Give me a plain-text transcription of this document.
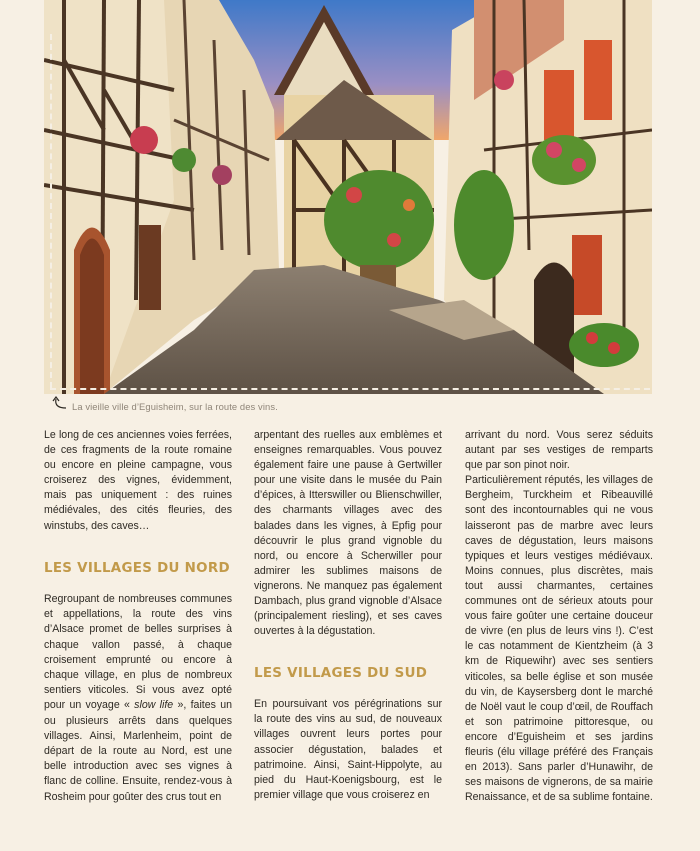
La vieille ville d’Eguisheim, sur la route des vins.

Le long de ces anciennes voies ferrées, de ces fragments de la route romaine ou encore en pleine campagne, vous croiserez des vignes, évidemment, mais pas uniquement : des ruines médiévales, des cités fleuries, des winstubs, des caves…

LES VILLAGES DU NORD

Regroupant de nombreuses communes et appellations, la route des vins d’Alsace promet de belles surprises à chaque vallon passé, à chaque croisement emprunté ou encore à chaque village, en plus de nombreux sentiers viticoles. Si vous avez opté pour un voyage « slow life », faites un ou plusieurs arrêts dans quelques villages. Ainsi, Marlenheim, point de départ de la route au Nord, est une belle introduction avec ses vignes à flanc de colline. Ensuite, rendez-vous à Rosheim pour goûter des crus tout en

arpentant des ruelles aux emblèmes et enseignes remarquables. Vous pouvez également faire une pause à Gertwiller pour une visite dans le musée du Pain d’épices, à Itterswiller ou Blienschwiller, des charmants villages avec des balades dans les vignes, à Epfig pour découvrir le plus grand vignoble du nord, ou encore à Scherwiller pour admirer les sublimes maisons de vignerons. Ne manquez pas également Dambach, plus grand vignoble d’Alsace (principalement riesling), et ses caves ouvertes à la dégustation.

LES VILLAGES DU SUD

En poursuivant vos pérégrinations sur la route des vins au sud, de nouveaux villages ouvrent leurs portes pour associer dégustation, balades et patrimoine. Ainsi, Saint-Hippolyte, au pied du Haut-Koenigsbourg, est le premier village que vous croiserez en

arrivant du nord. Vous serez séduits autant par ses vestiges de remparts que par son pinot noir.

Particulièrement réputés, les villages de Bergheim, Turckheim et Ribeauvillé sont des incontournables qui ne vous laisseront pas de marbre avec leurs caves de dégustation, leurs maisons typiques et leurs vestiges médiévaux. Moins connues, plus discrètes, mais tout aussi charmantes, certaines communes ont de sérieux atouts pour vous faire goûter une certaine douceur de vivre (en plus de leurs vins !). C’est le cas notamment de Kientzheim (à 3 km de Riquewihr) avec ses sentiers viticoles, sa belle église et son musée du vin, de Kaysersberg dont le marché de Noël vaut le coup d’œil, de Rouffach et son patrimoine pittoresque, ou encore d’Eguisheim et ses jardins fleuris (élu village préféré des Français en 2013). Sans parler d’Hunawihr, de ses maisons de vignerons, de sa mairie Renaissance, et de sa sublime fontaine.
